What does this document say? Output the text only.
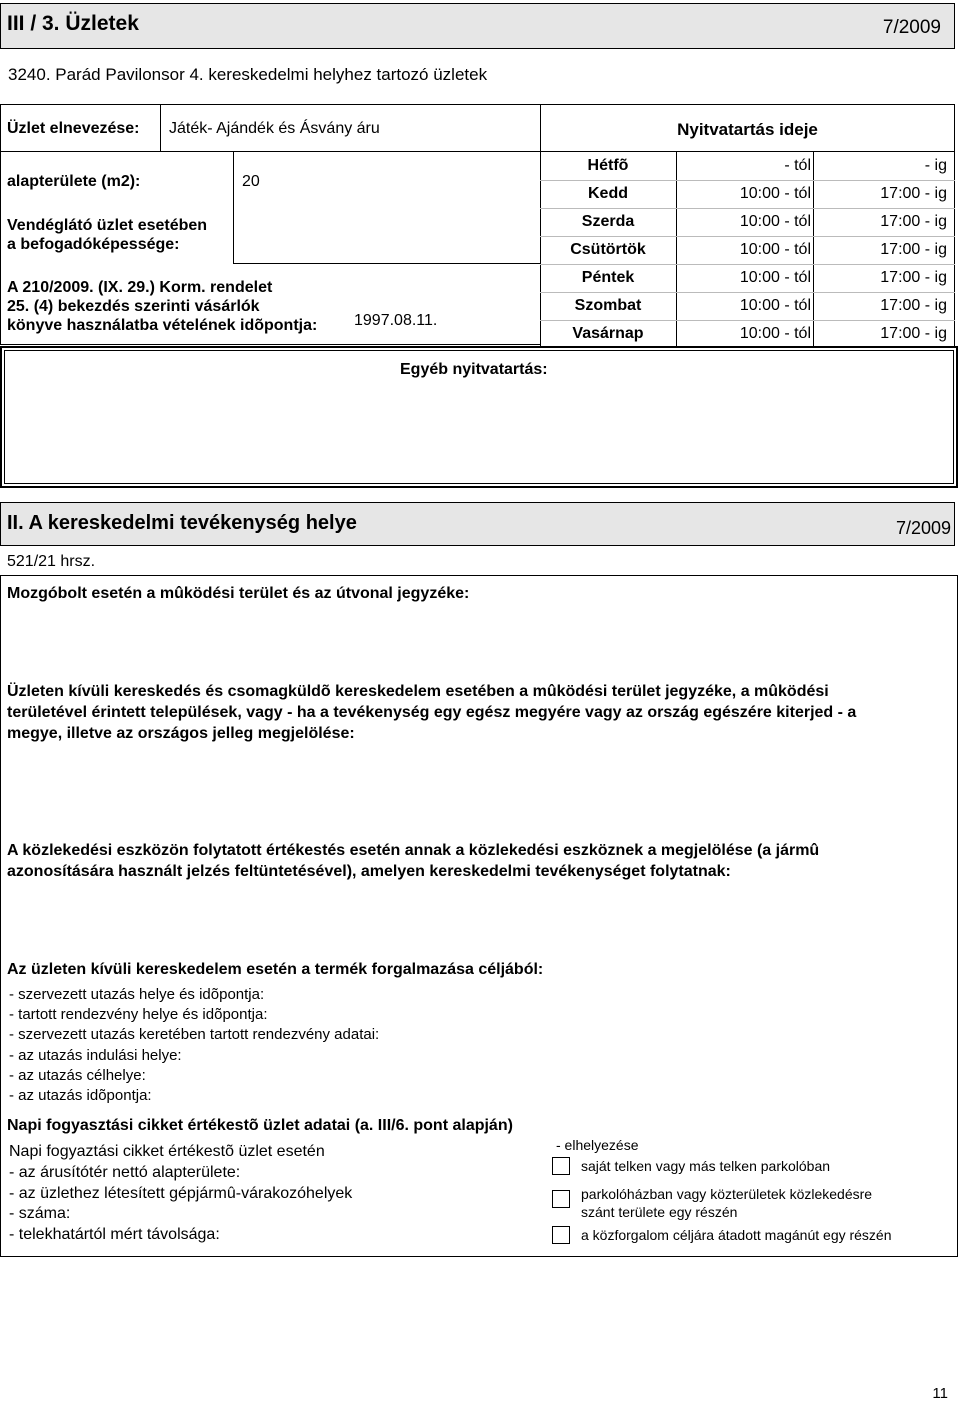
III / 3. Üzletek	7/2009
3240. Parád Pavilonsor 4. kereskedelmi helyhez tartozó üzletek
Üzlet elnevezése: Játék- Ajándék és Ásvány áru
alapterülete (m2):	20
Vendéglátó üzlet esetében
a befogadóképessége:
A 210/2009. (IX. 29.) Korm. rendelet
25. (4) bekezdés szerinti vásárlók
könyve használatba vételének idõpontja: 1997.08.11.
Nyitvatartás ideje
Hétfõ	- tól	- ig
Kedd	10:00 - tól	17:00 - ig
Szerda	10:00 - tól	17:00 - ig
Csütörtök	10:00 - tól	17:00 - ig
Péntek	10:00 - tól	17:00 - ig
Szombat	10:00 - tól	17:00 - ig
Vasárnap	10:00 - tól	17:00 - ig
Egyéb nyitvatartás:
II. A kereskedelmi tevékenység helye	7/2009
521/21 hrsz.
Mozgóbolt esetén a mûködési terület és az útvonal jegyzéke:
Üzleten kívüli kereskedés és csomagküldõ kereskedelem esetében a mûködési terület jegyzéke, a mûködési
területével érintett települések, vagy - ha a tevékenység egy egész megyére vagy az ország egészére kiterjed - a
megye, illetve az országos jelleg megjelölése:
A közlekedési eszközön folytatott értékestés esetén annak a közlekedési eszköznek a megjelölése (a jármû
azonosítására használt jelzés feltüntetésével), amelyen kereskedelmi tevékenységet folytatnak:
Az üzleten kívüli kereskedelem esetén a termék forgalmazása céljából:
- szervezett utazás helye és idõpontja:
- tartott rendezvény helye és idõpontja:
- szervezett utazás keretében tartott rendezvény adatai:
- az utazás indulási helye:
- az utazás célhelye:
- az utazás idõpontja:
Napi fogyasztási cikket értékestõ üzlet adatai (a. III/6. pont alapján)
Napi fogyaztási cikket értékestõ üzlet esetén
- az árusítótér nettó alapterülete:
- az üzlethez létesített gépjármû-várakozóhelyek
- száma:
- telekhatártól mért távolsága:
- elhelyezése
saját telken vagy más telken parkolóban
parkolóházban vagy közterületek közlekedésre
szánt területe egy részén
a közforgalom céljára átadott magánút egy részén
11
